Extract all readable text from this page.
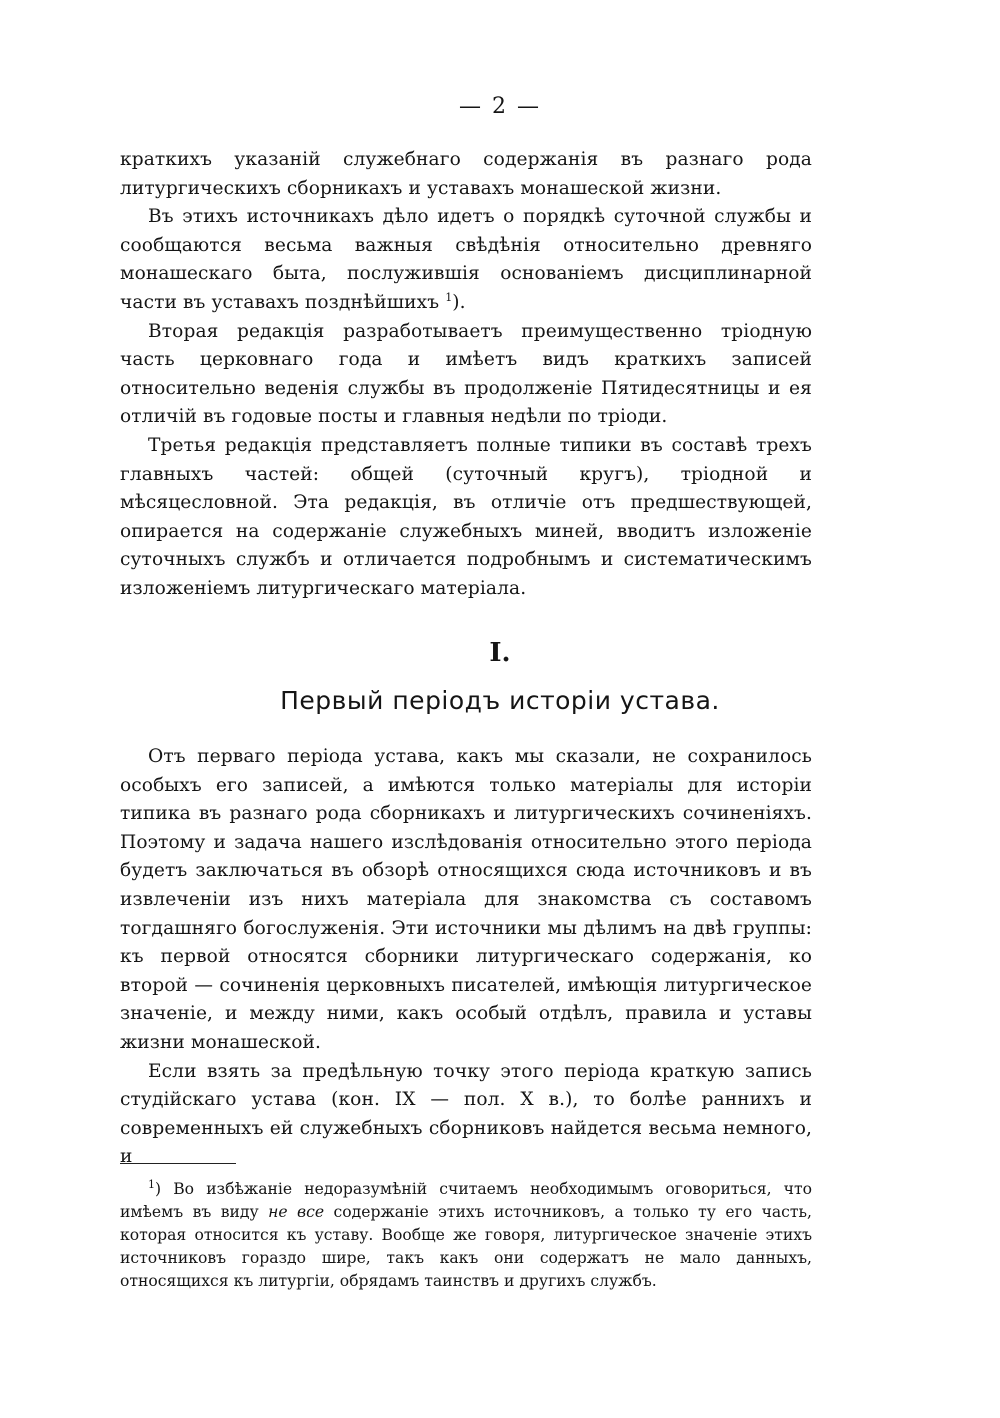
— 2 —

краткихъ указаній служебнаго содержанія въ разнаго рода литургическихъ сборникахъ и уставахъ монашеской жизни.

Въ этихъ источникахъ дѣло идетъ о порядкѣ суточной службы и сообщаются весьма важныя свѣдѣнія относительно древняго монашескаго быта, послужившія основаніемъ дисциплинарной части въ уставахъ позднѣйшихъ $^1$).

Вторая редакція разработываетъ преимущественно тріодную часть церковнаго года и имѣетъ видъ краткихъ записей относительно веденія службы въ продолженіе Пятидесятницы и ея отличій въ годовые посты и главныя недѣли по тріоди.

Третья редакція представляетъ полные типики въ составѣ трехъ главныхъ частей: общей (суточный кругъ), тріодной и мѣсяцесловной. Эта редакція, въ отличіе отъ предшествующей, опирается на содержаніе служебныхъ миней, вводитъ изложеніе суточныхъ службъ и отличается подробнымъ и систематическимъ изложеніемъ литургическаго матеріала.

I.
Первый періодъ исторіи устава.

Отъ перваго періода устава, какъ мы сказали, не сохранилось особыхъ его записей, а имѣются только матеріалы для исторіи типика въ разнаго рода сборникахъ и литургическихъ сочиненіяхъ. Поэтому и задача нашего изслѣдованія относительно этого періода будетъ заключаться въ обзорѣ относящихся сюда источниковъ и въ извлеченіи изъ нихъ матеріала для знакомства съ составомъ тогдашняго богослуженія. Эти источники мы дѣлимъ на двѣ группы: къ первой относятся сборники литургическаго содержанія, ко второй — сочиненія церковныхъ писателей, имѣющія литургическое значеніе, и между ними, какъ особый отдѣлъ, правила и уставы жизни монашеской.

Если взять за предѣльную точку этого періода краткую запись студійскаго устава (кон. IX — пол. X в.), то болѣе раннихъ и современныхъ ей служебныхъ сборниковъ найдется весьма немного, и

$^1$) Во избѣжаніе недоразумѣній считаемъ необходимымъ оговориться, что имѣемъ въ виду не все содержаніе этихъ источниковъ, а только ту его часть, которая относится къ уставу. Вообще же говоря, литургическое значеніе этихъ источниковъ гораздо шире, такъ какъ они содержатъ не мало данныхъ, относящихся къ литургіи, обрядамъ таинствъ и другихъ службъ.
